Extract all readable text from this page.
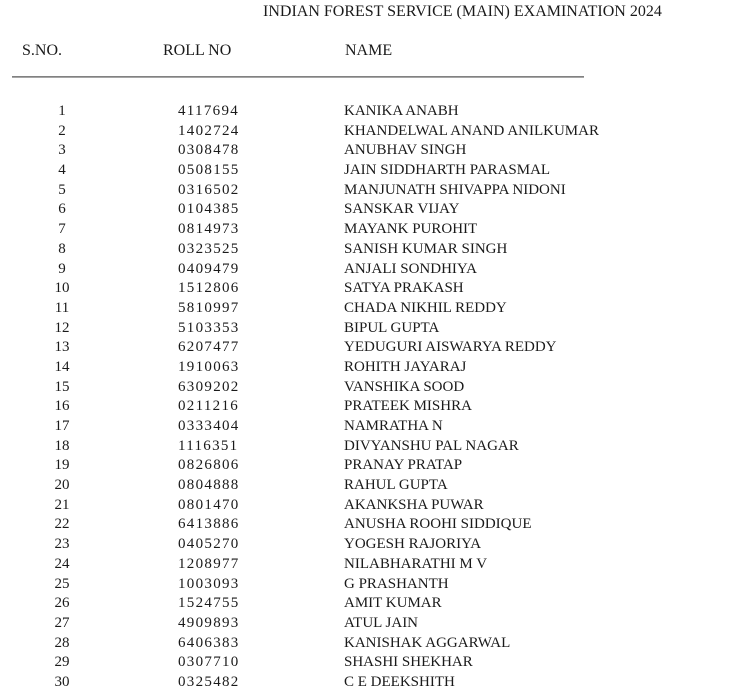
INDIAN FOREST SERVICE (MAIN) EXAMINATION 2024
S.NO.	ROLL NO	NAME
1	4117694	KANIKA ANABH
2	1402724	KHANDELWAL ANAND ANILKUMAR
3	0308478	ANUBHAV SINGH
4	0508155	JAIN SIDDHARTH PARASMAL
5	0316502	MANJUNATH SHIVAPPA NIDONI
6	0104385	SANSKAR VIJAY
7	0814973	MAYANK PUROHIT
8	0323525	SANISH KUMAR SINGH
9	0409479	ANJALI SONDHIYA
10	1512806	SATYA PRAKASH
11	5810997	CHADA NIKHIL REDDY
12	5103353	BIPUL GUPTA
13	6207477	YEDUGURI AISWARYA REDDY
14	1910063	ROHITH JAYARAJ
15	6309202	VANSHIKA SOOD
16	0211216	PRATEEK MISHRA
17	0333404	NAMRATHA N
18	1116351	DIVYANSHU PAL NAGAR
19	0826806	PRANAY PRATAP
20	0804888	RAHUL GUPTA
21	0801470	AKANKSHA PUWAR
22	6413886	ANUSHA ROOHI SIDDIQUE
23	0405270	YOGESH RAJORIYA
24	1208977	NILABHARATHI M V
25	1003093	G PRASHANTH
26	1524755	AMIT KUMAR
27	4909893	ATUL JAIN
28	6406383	KANISHAK AGGARWAL
29	0307710	SHASHI SHEKHAR
30	0325482	C E DEEKSHITH
